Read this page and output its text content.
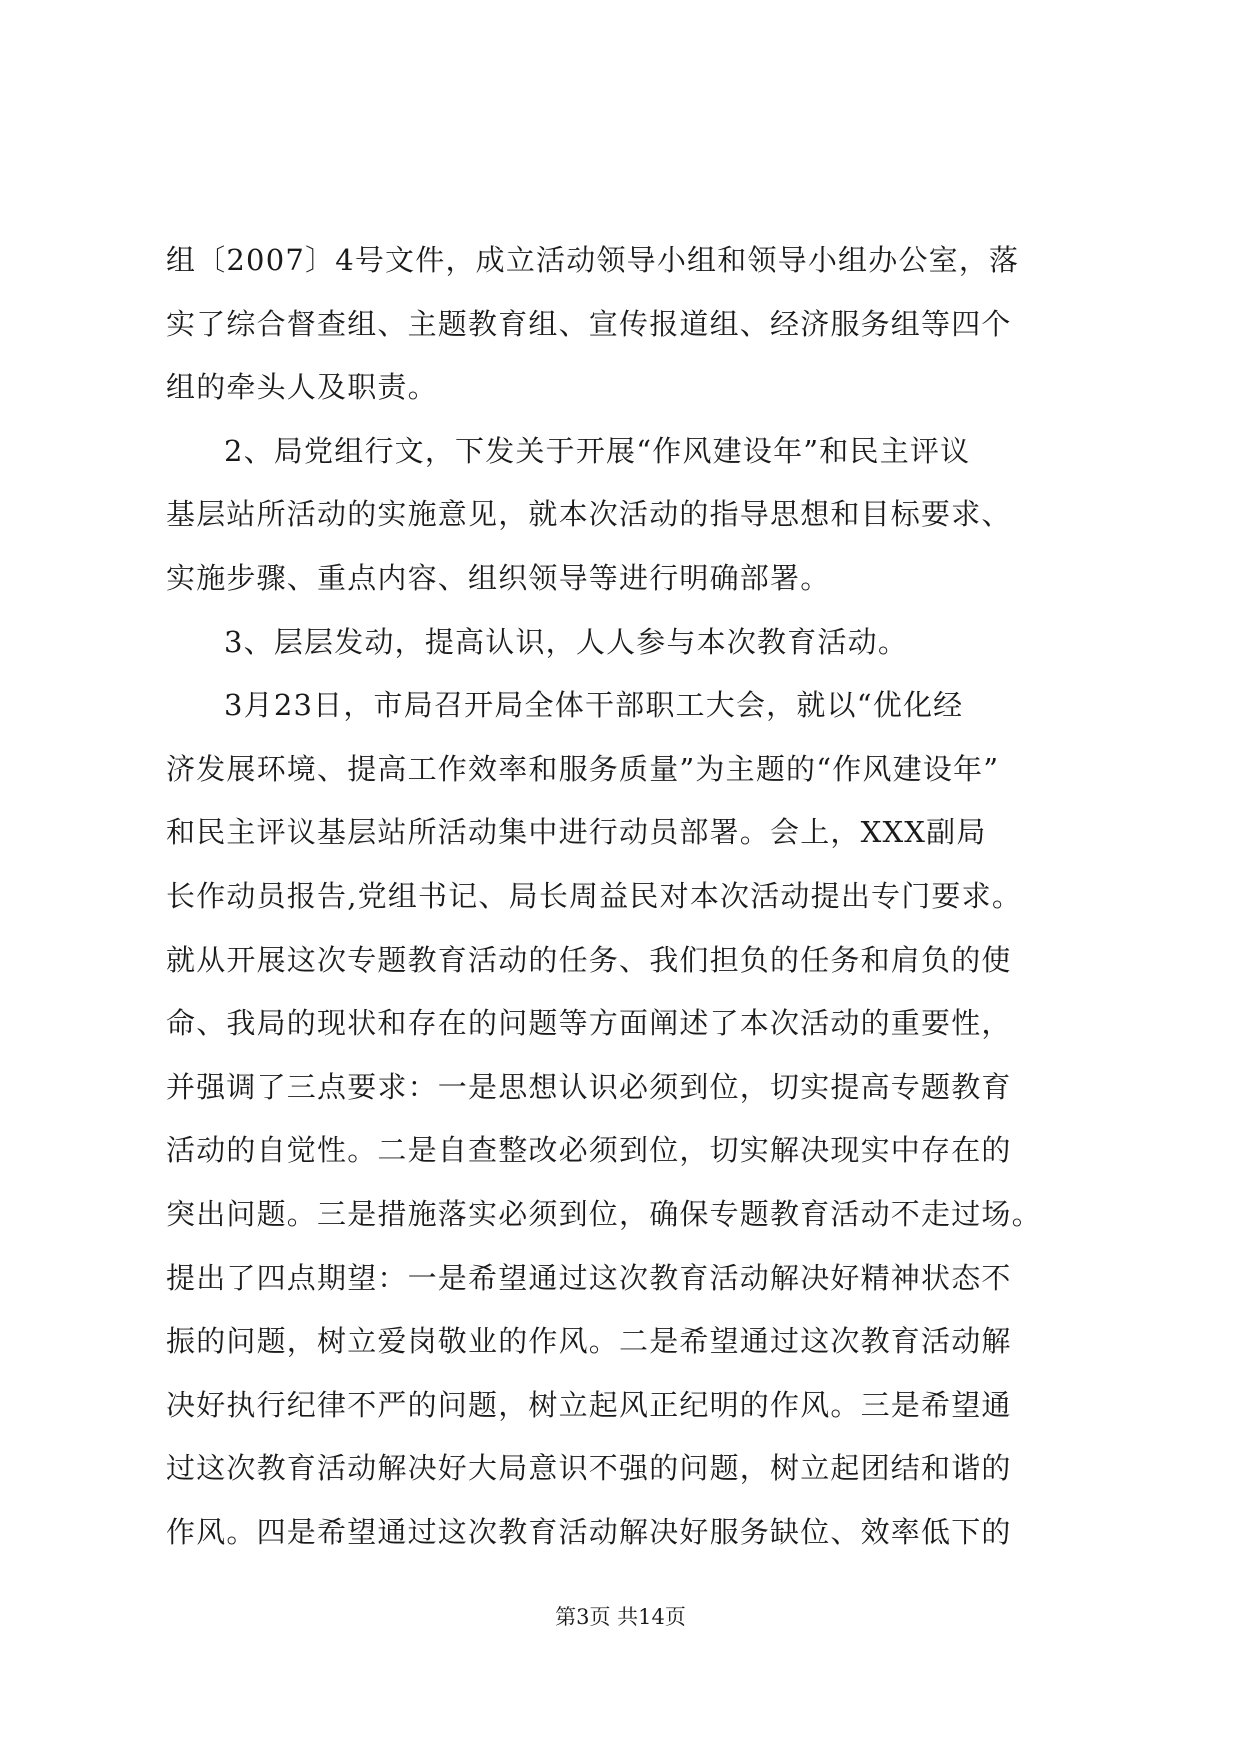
组〔2007〕4号文件，成立活动领导小组和领导小组办公室，落
实了综合督查组、主题教育组、宣传报道组、经济服务组等四个
组的牵头人及职责。
2、局党组行文，下发关于开展“作风建设年”和民主评议
基层站所活动的实施意见，就本次活动的指导思想和目标要求、
实施步骤、重点内容、组织领导等进行明确部署。
3、层层发动，提高认识，人人参与本次教育活动。
3月23日，市局召开局全体干部职工大会，就以“优化经
济发展环境、提高工作效率和服务质量”为主题的“作风建设年”
和民主评议基层站所活动集中进行动员部署。会上，XXX副局
长作动员报告,党组书记、局长周益民对本次活动提出专门要求。
就从开展这次专题教育活动的任务、我们担负的任务和肩负的使
命、我局的现状和存在的问题等方面阐述了本次活动的重要性，
并强调了三点要求：一是思想认识必须到位，切实提高专题教育
活动的自觉性。二是自查整改必须到位，切实解决现实中存在的
突出问题。三是措施落实必须到位，确保专题教育活动不走过场。
提出了四点期望：一是希望通过这次教育活动解决好精神状态不
振的问题，树立爱岗敬业的作风。二是希望通过这次教育活动解
决好执行纪律不严的问题，树立起风正纪明的作风。三是希望通
过这次教育活动解决好大局意识不强的问题，树立起团结和谐的
作风。四是希望通过这次教育活动解决好服务缺位、效率低下的
第3页 共14页
